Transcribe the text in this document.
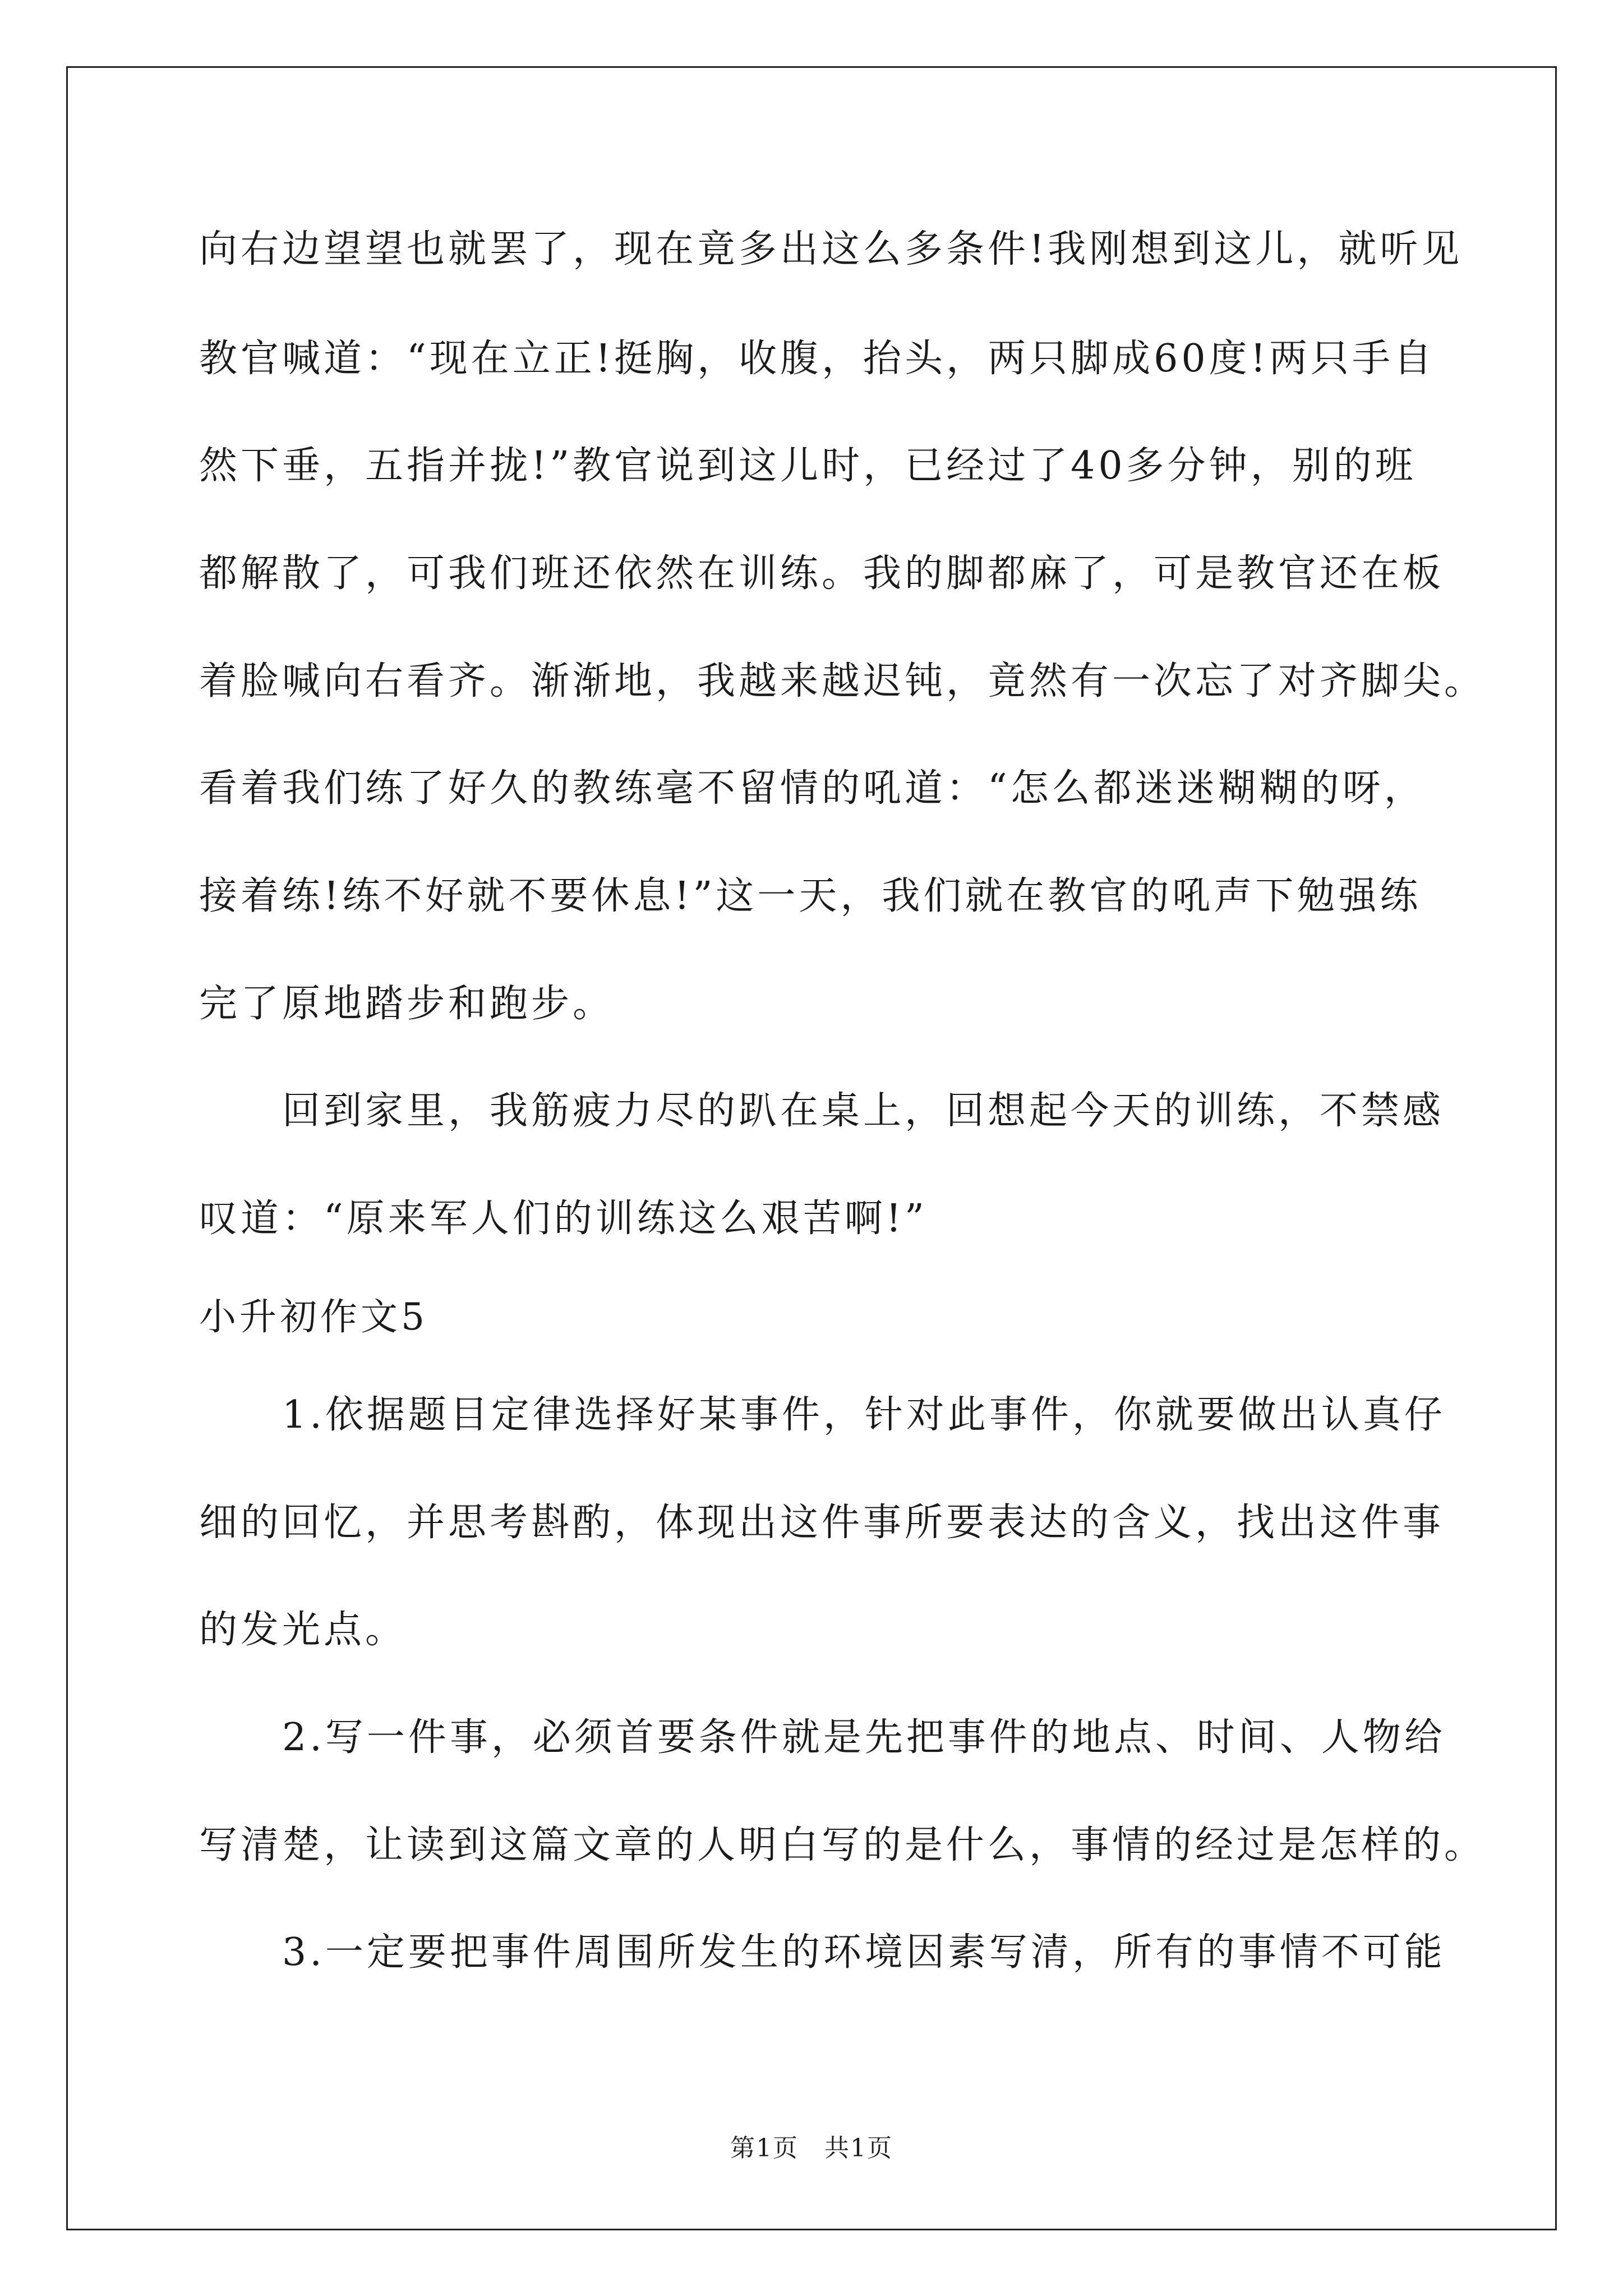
向右边望望也就罢了，现在竟多出这么多条件!我刚想到这儿，就听见
教官喊道：“现在立正!挺胸，收腹，抬头，两只脚成60度!两只手自
然下垂，五指并拢!”教官说到这儿时，已经过了40多分钟，别的班
都解散了，可我们班还依然在训练。我的脚都麻了，可是教官还在板
着脸喊向右看齐。渐渐地，我越来越迟钝，竟然有一次忘了对齐脚尖。
看着我们练了好久的教练毫不留情的吼道：“怎么都迷迷糊糊的呀，
接着练!练不好就不要休息!”这一天，我们就在教官的吼声下勉强练
完了原地踏步和跑步。
　　回到家里，我筋疲力尽的趴在桌上，回想起今天的训练，不禁感
叹道：“原来军人们的训练这么艰苦啊!”
小升初作文5
　　1.依据题目定律选择好某事件，针对此事件，你就要做出认真仔
细的回忆，并思考斟酌，体现出这件事所要表达的含义，找出这件事
的发光点。
　　2.写一件事，必须首要条件就是先把事件的地点、时间、人物给
写清楚，让读到这篇文章的人明白写的是什么，事情的经过是怎样的。
　　3.一定要把事件周围所发生的环境因素写清，所有的事情不可能
第1页　共1页
